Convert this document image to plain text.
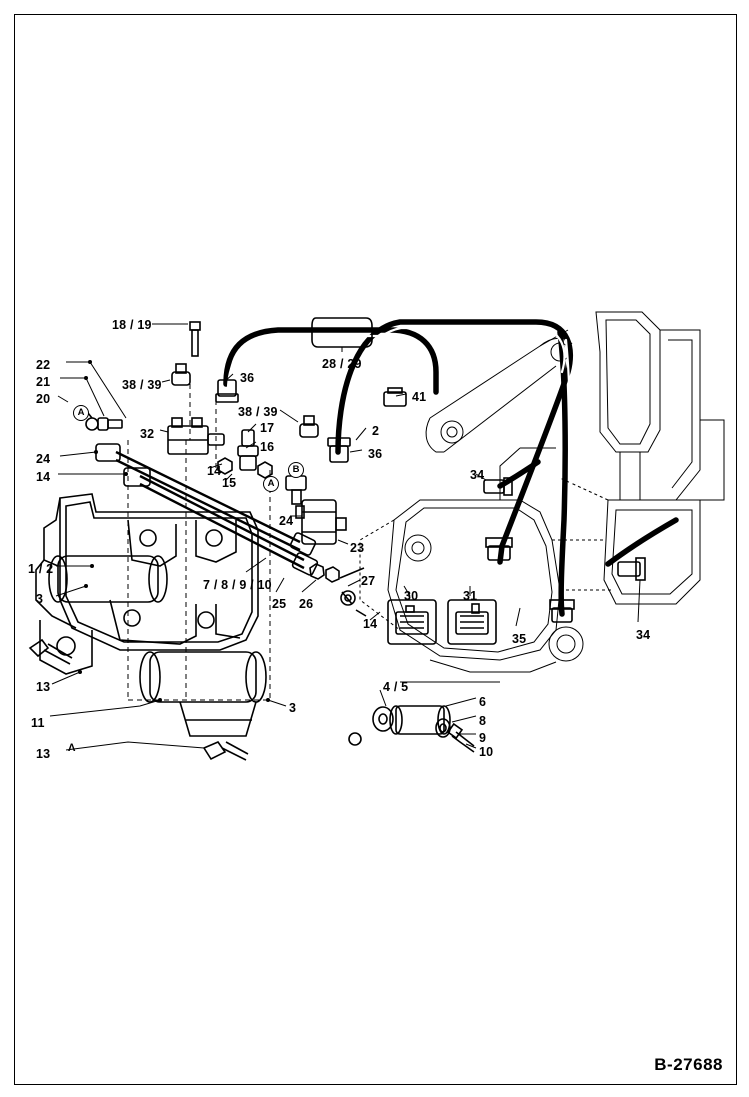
18 / 19
22
21
20
38 / 39	36
28 / 29
41
38 / 39
32	17
16
2
36
24
14	14
15
34
24
23
1 / 2
7 / 8 / 9 / 10	27
3	25 26
30	31
14
35	34
13
11
3
4 / 5
6
8
9
10
13 Λ
A
A
B
B-27688
